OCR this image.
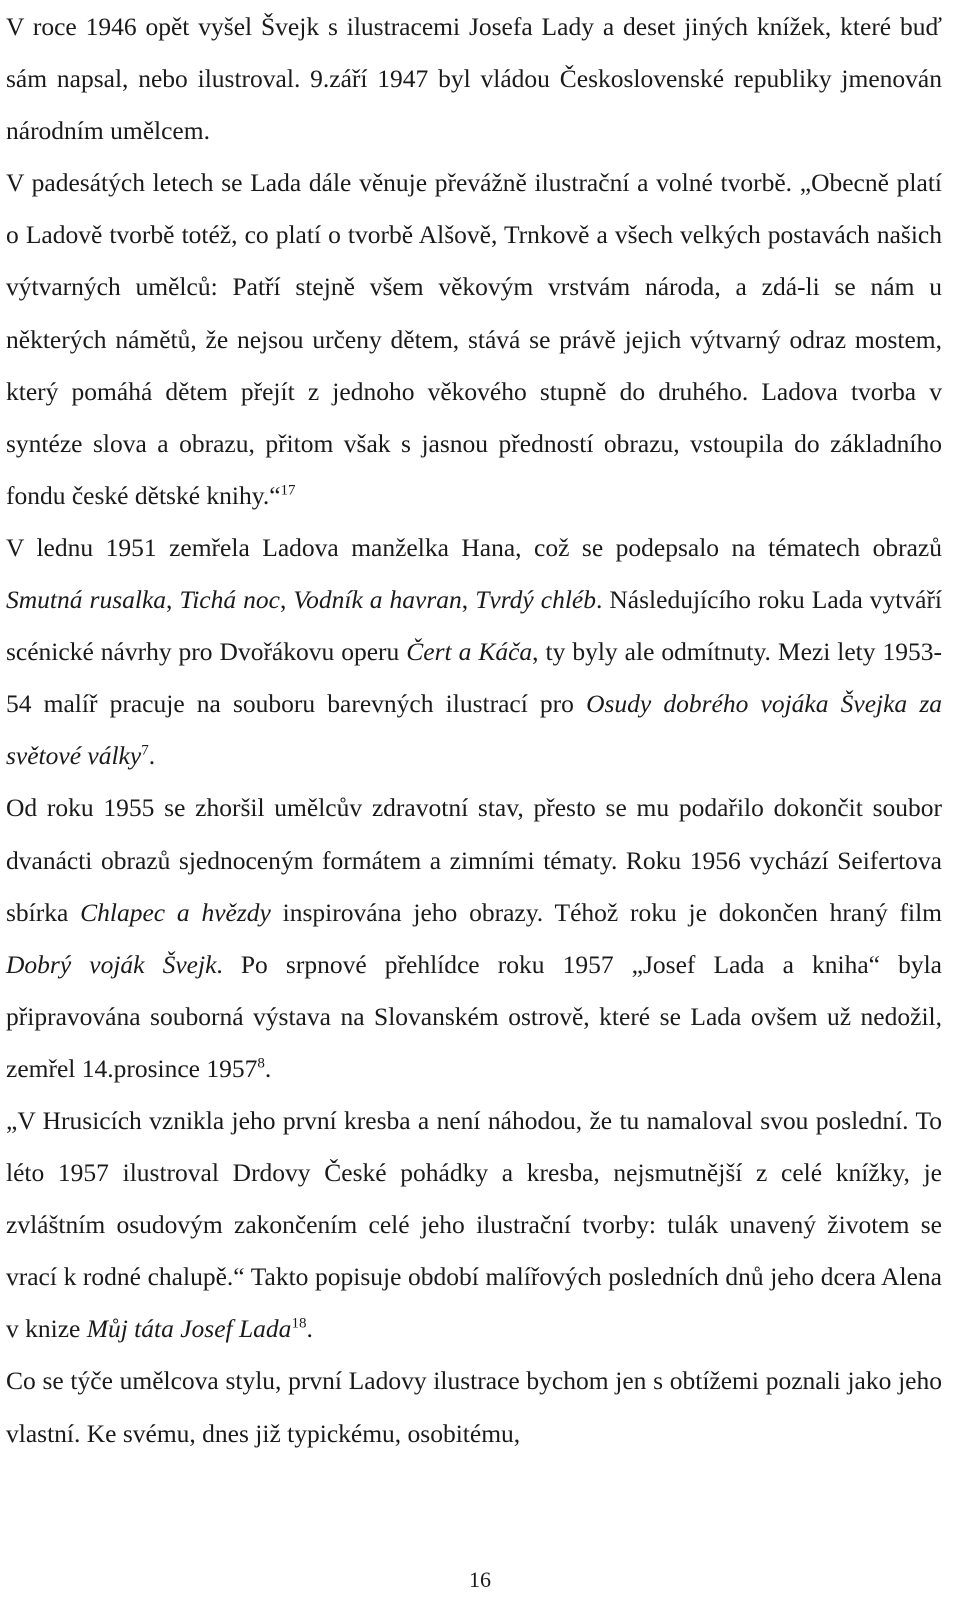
V roce 1946 opět vyšel Švejk s ilustracemi Josefa Lady a deset jiných knížek, které buď sám napsal, nebo ilustroval. 9.září 1947 byl vládou Československé republiky jmenován národním umělcem.

V padesátých letech se Lada dále věnuje převážně ilustrační a volné tvorbě. „Obecně platí o Ladově tvorbě totéž, co platí o tvorbě Alšově, Trnkově a všech velkých postavách našich výtvarných umělců: Patří stejně všem věkovým vrstvám národa, a zdá-li se nám u některých námětů, že nejsou určeny dětem, stává se právě jejich výtvarný odraz mostem, který pomáhá dětem přejít z jednoho věkového stupně do druhého. Ladova tvorba v syntéze slova a obrazu, přitom však s jasnou předností obrazu, vstoupila do základního fondu české dětské knihy.“$^{17}$

V lednu 1951 zemřela Ladova manželka Hana, což se podepsalo na tématech obrazů Smutná rusalka, Tichá noc, Vodník a havran, Tvrdý chléb. Následujícího roku Lada vytváří scénické návrhy pro Dvořákovu operu Čert a Káča, ty byly ale odmítnuty. Mezi lety 1953-54 malíř pracuje na souboru barevných ilustrací pro Osudy dobrého vojáka Švejka za světové války$^7$.

Od roku 1955 se zhoršil umělcův zdravotní stav, přesto se mu podařilo dokončit soubor dvanácti obrazů sjednoceným formátem a zimními tématy. Roku 1956 vychází Seifertova sbírka Chlapec a hvězdy inspirována jeho obrazy. Téhož roku je dokončen hraný film Dobrý voják Švejk. Po srpnové přehlídce roku 1957 „Josef Lada a kniha“ byla připravována souborná výstava na Slovanském ostrově, které se Lada ovšem už nedožil, zemřel 14.prosince 1957$^8$.

„V Hrusicích vznikla jeho první kresba a není náhodou, že tu namaloval svou poslední. To léto 1957 ilustroval Drdovy České pohádky a kresba, nejsmutnější z celé knížky, je zvláštním osudovým zakončením celé jeho ilustrační tvorby: tulák unavený životem se vrací k rodné chalupě.“ Takto popisuje období malířových posledních dnů jeho dcera Alena v knize Můj táta Josef Lada$^{18}$.

Co se týče umělcova stylu, první Ladovy ilustrace bychom jen s obtížemi poznali jako jeho vlastní. Ke svému, dnes již typickému, osobitému,

16
